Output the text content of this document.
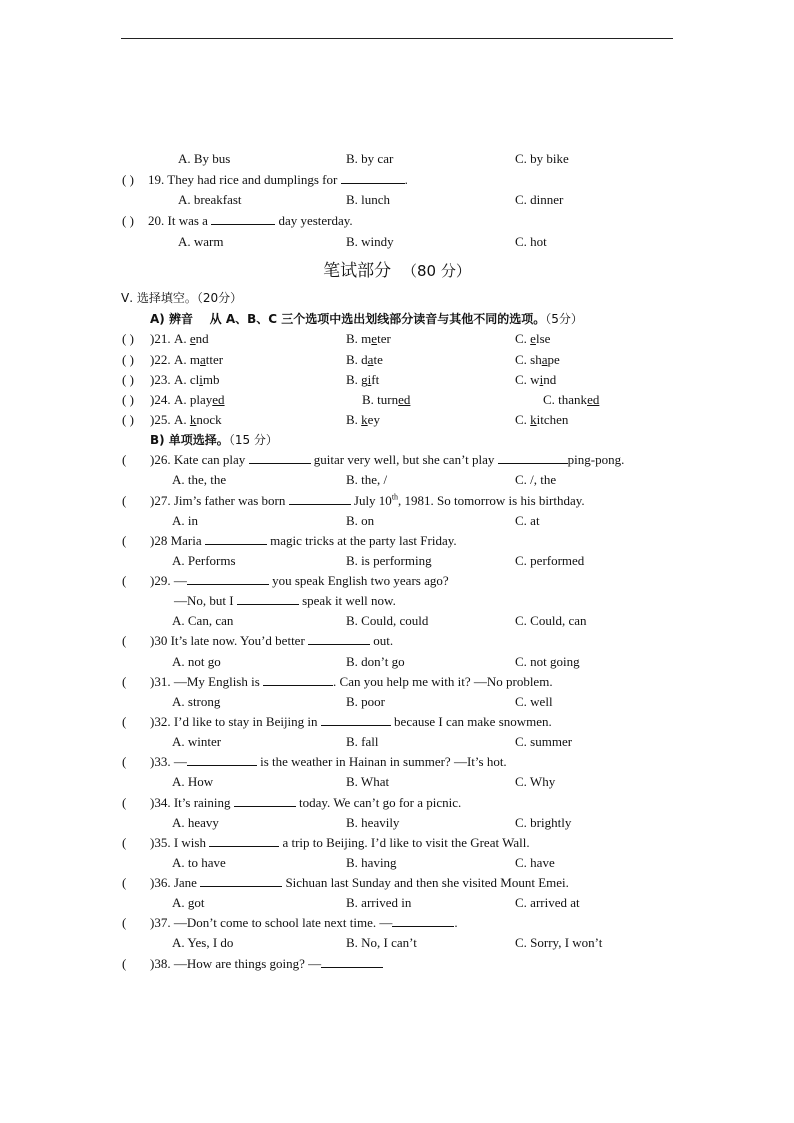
A. By bus	B. by car	C. by bike
( ) 19. They had rice and dumplings for	.
A. breakfast	B. lunch	C. dinner
( ) 20. It was a	day yesterday.
A. warm	B. windy	C. hot
笔试部分 （80 分）
Ⅴ. 选择填空。（20分）
A) 辨音 从 A、B、C 三个选项中选出划线部分读音与其他不同的选项。（5分）
( ) )21. A. end	B. meter	C. else
( ) )22. A. matter	B. date	C. shape
( ) )23. A. climb	B. gift	C. wind
( ) )24. A. played	B. turned	C. thanked
( ) )25. A. knock	B. key	C. kitchen
B) 单项选择。（15 分）
( )26. Kate can play	guitar very well, but she can’t play	ping-pong.
A. the, the	B. the, /	C. /, the
( )27. Jim’s father was born	July 10th, 1981. So tomorrow is his birthday.
A. in	B. on	C. at
( )28 Maria	magic tricks at the party last Friday.
A. Performs	B. is performing	C. performed
( )29. —	you speak English two years ago?
—No, but I	speak it well now.
A. Can, can	B. Could, could	C. Could, can
( )30 It’s late now. You’d better	out.
A. not go	B. don’t go	C. not going
( )31. —My English is	. Can you help me with it? —No problem.
A. strong	B. poor	C. well
( )32. I’d like to stay in Beijing in	because I can make snowmen.
A. winter	B. fall	C. summer
( )33. —	is the weather in Hainan in summer? —It’s hot.
A. How	B. What	C. Why
( )34. It’s raining	today. We can’t go for a picnic.
A. heavy	B. heavily	C. brightly
( )35. I wish	a trip to Beijing. I’d like to visit the Great Wall.
A. to have	B. having	C. have
( )36. Jane	Sichuan last Sunday and then she visited Mount Emei.
A. got	B. arrived in	C. arrived at
( )37. —Don’t come to school late next time. —	.
A. Yes, I do	B. No, I can’t	C. Sorry, I won’t
( )38. —How are things going? —
